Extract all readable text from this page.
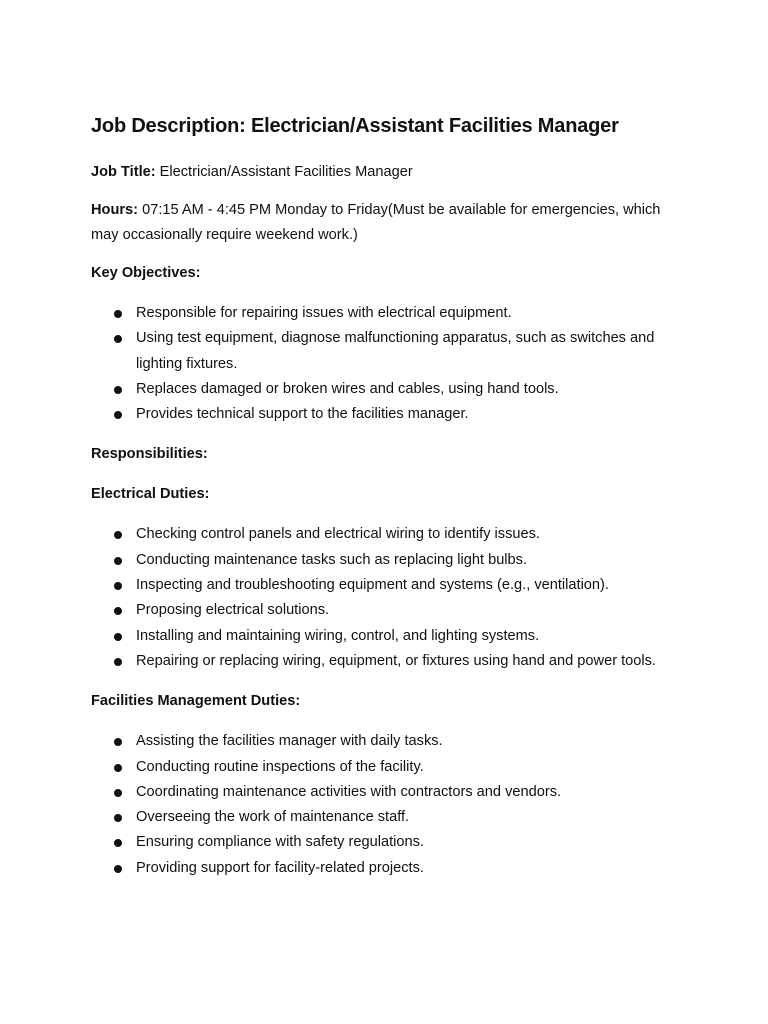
Job Description: Electrician/Assistant Facilities Manager

Job Title: Electrician/Assistant Facilities Manager

Hours: 07:15 AM - 4:45 PM Monday to Friday(Must be available for emergencies, which may occasionally require weekend work.)

Key Objectives:

Responsible for repairing issues with electrical equipment.
Using test equipment, diagnose malfunctioning apparatus, such as switches and lighting fixtures.
Replaces damaged or broken wires and cables, using hand tools.
Provides technical support to the facilities manager.

Responsibilities:

Electrical Duties:

Checking control panels and electrical wiring to identify issues.
Conducting maintenance tasks such as replacing light bulbs.
Inspecting and troubleshooting equipment and systems (e.g., ventilation).
Proposing electrical solutions.
Installing and maintaining wiring, control, and lighting systems.
Repairing or replacing wiring, equipment, or fixtures using hand and power tools.

Facilities Management Duties:

Assisting the facilities manager with daily tasks.
Conducting routine inspections of the facility.
Coordinating maintenance activities with contractors and vendors.
Overseeing the work of maintenance staff.
Ensuring compliance with safety regulations.
Providing support for facility-related projects.
